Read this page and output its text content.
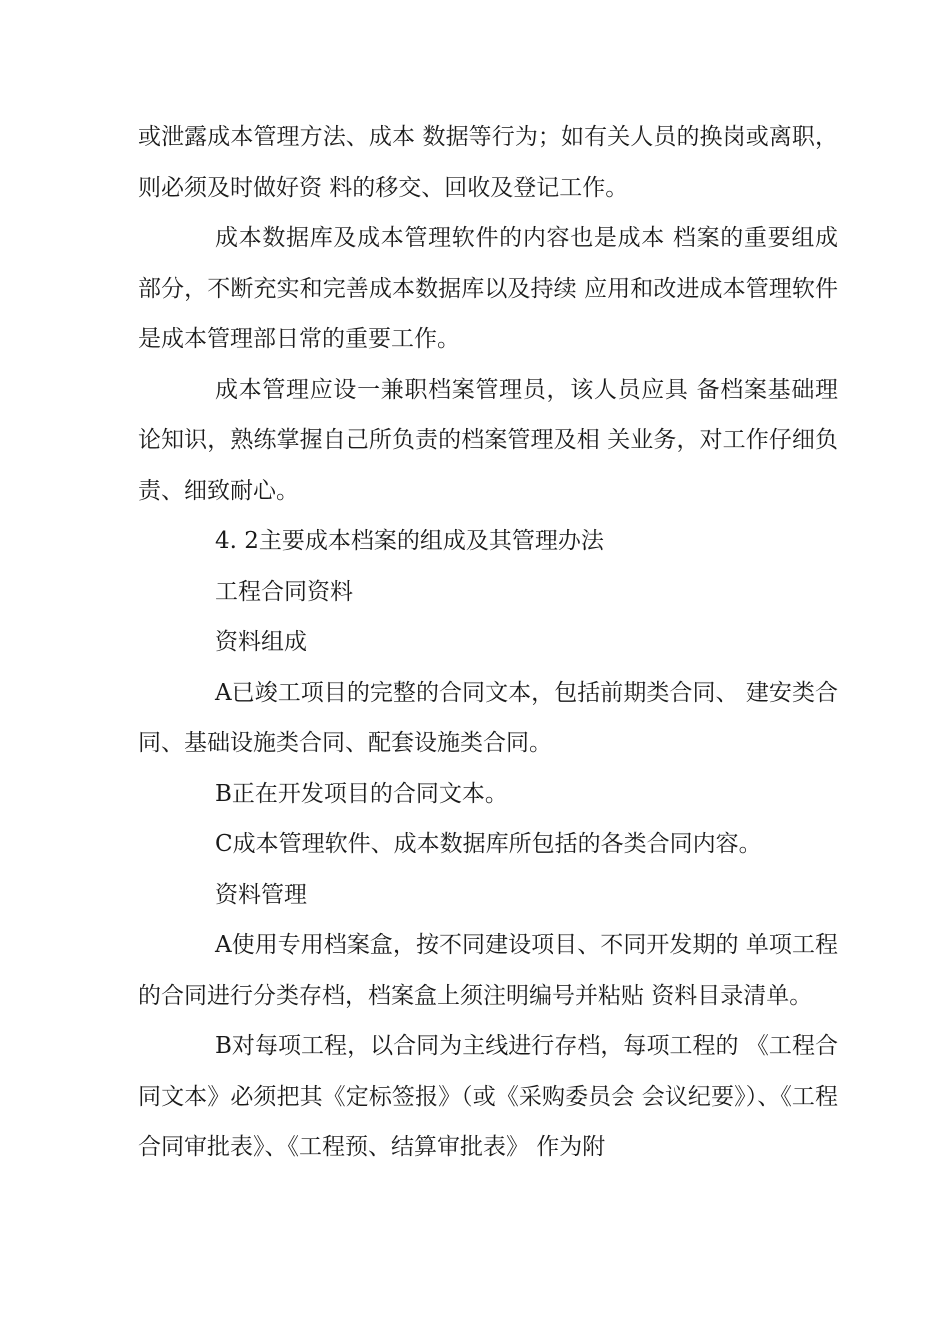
或泄露成本管理方法、成本 数据等行为；如有关人员的换岗或离职，则必须及时做好资 料的移交、回收及登记工作。

成本数据库及成本管理软件的内容也是成本 档案的重要组成部分，不断充实和完善成本数据库以及持续 应用和改进成本管理软件是成本管理部日常的重要工作。

成本管理应设一兼职档案管理员，该人员应具 备档案基础理论知识，熟练掌握自己所负责的档案管理及相 关业务，对工作仔细负责、细致耐心。

4. 2主要成本档案的组成及其管理办法

工程合同资料

资料组成

A已竣工项目的完整的合同文本，包括前期类合同、 建安类合同、基础设施类合同、配套设施类合同。

B正在开发项目的合同文本。

C成本管理软件、成本数据库所包括的各类合同内容。

资料管理

A使用专用档案盒，按不同建设项目、不同开发期的 单项工程的合同进行分类存档，档案盒上须注明编号并粘贴 资料目录清单。

B对每项工程，以合同为主线进行存档，每项工程的 《工程合同文本》必须把其《定标签报》（或《采购委员会 会议纪要》）、《工程合同审批表》、《工程预、结算审批表》 作为附
